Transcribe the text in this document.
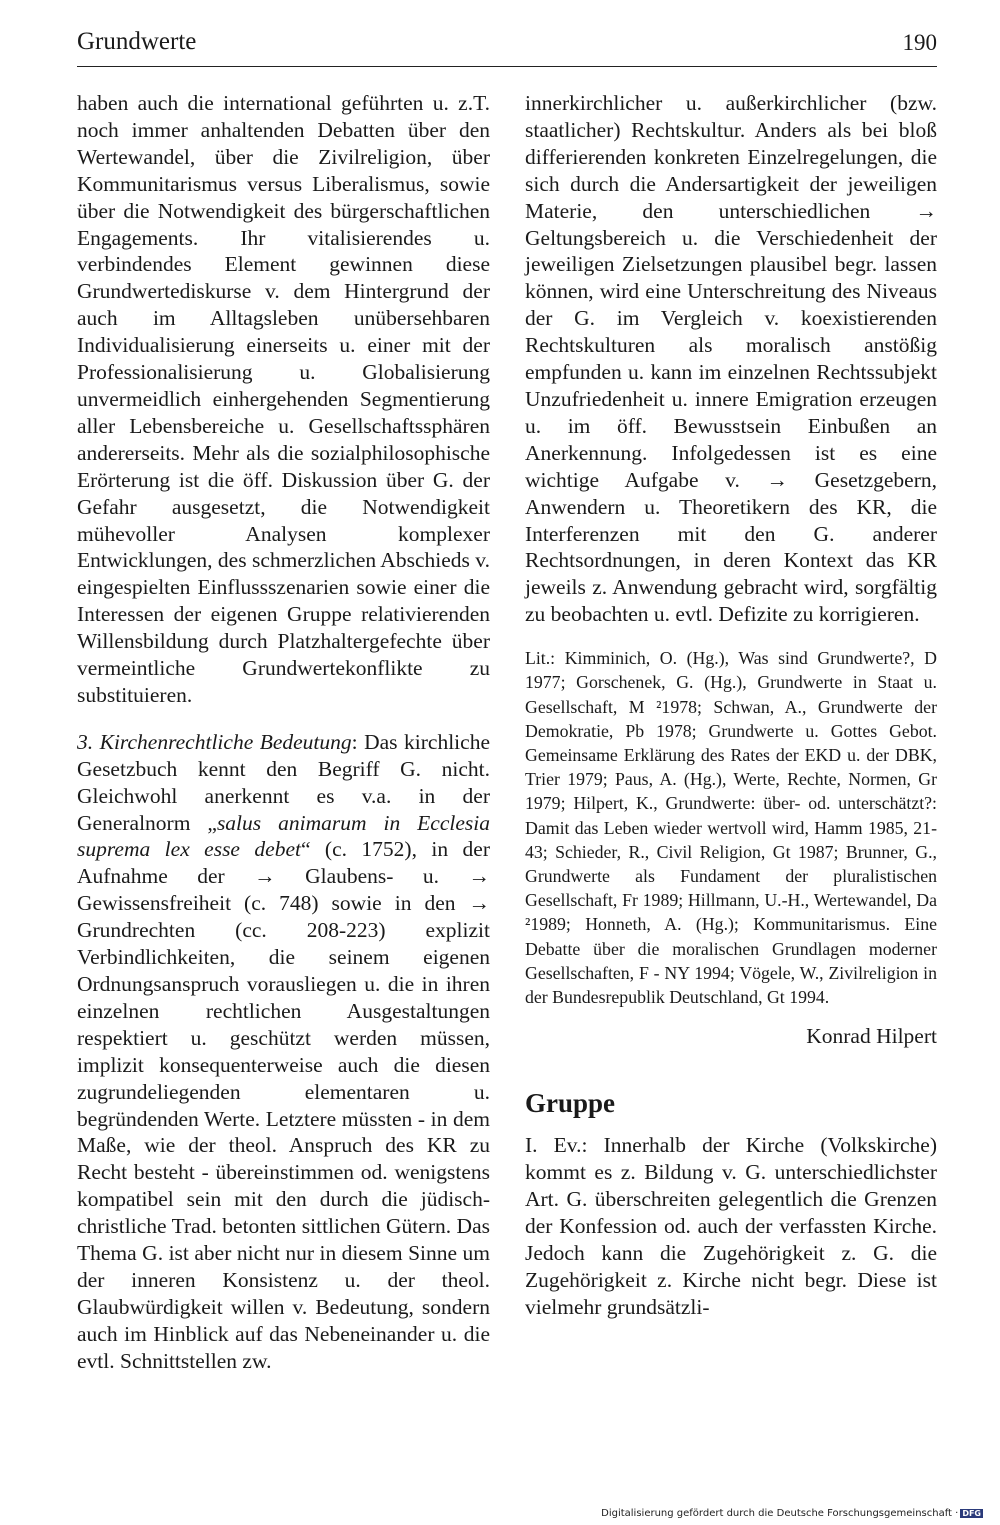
Grundwerte	190

haben auch die international geführten u. z.T. noch immer anhaltenden Debatten über den Wertewandel, über die Zivilreligion, über Kommunitarismus versus Liberalismus, sowie über die Notwendigkeit des bürgerschaftlichen Engagements. Ihr vitalisierendes u. verbindendes Element gewinnen diese Grundwertediskurse v. dem Hintergrund der auch im Alltagsleben unübersehbaren Individualisierung einerseits u. einer mit der Professionalisierung u. Globalisierung unvermeidlich einhergehenden Segmentierung aller Lebensbereiche u. Gesellschaftssphären andererseits. Mehr als die sozialphilosophische Erörterung ist die öff. Diskussion über G. der Gefahr ausgesetzt, die Notwendigkeit mühevoller Analysen komplexer Entwicklungen, des schmerzlichen Abschieds v. eingespielten Einflussszenarien sowie einer die Interessen der eigenen Gruppe relativierenden Willensbildung durch Platzhaltergefechte über vermeintliche Grundwertekonflikte zu substituieren.

3. Kirchenrechtliche Bedeutung: Das kirchliche Gesetzbuch kennt den Begriff G. nicht. Gleichwohl anerkennt es v.a. in der Generalnorm „salus animarum in Ecclesia suprema lex esse debet“ (c. 1752), in der Aufnahme der → Glaubens- u. → Gewissensfreiheit (c. 748) sowie in den → Grundrechten (cc. 208-223) explizit Verbindlichkeiten, die seinem eigenen Ordnungsanspruch vorausliegen u. die in ihren einzelnen rechtlichen Ausgestaltungen respektiert u. geschützt werden müssen, implizit konsequenterweise auch die diesen zugrundeliegenden elementaren u. begründenden Werte. Letztere müssten - in dem Maße, wie der theol. Anspruch des KR zu Recht besteht - übereinstimmen od. wenigstens kompatibel sein mit den durch die jüdisch-christliche Trad. betonten sittlichen Gütern. Das Thema G. ist aber nicht nur in diesem Sinne um der inneren Konsistenz u. der theol. Glaubwürdigkeit willen v. Bedeutung, sondern auch im Hinblick auf das Nebeneinander u. die evtl. Schnittstellen zw.

innerkirchlicher u. außerkirchlicher (bzw. staatlicher) Rechtskultur. Anders als bei bloß differierenden konkreten Einzelregelungen, die sich durch die Andersartigkeit der jeweiligen Materie, den unterschiedlichen → Geltungsbereich u. die Verschiedenheit der jeweiligen Zielsetzungen plausibel begr. lassen können, wird eine Unterschreitung des Niveaus der G. im Vergleich v. koexistierenden Rechtskulturen als moralisch anstößig empfunden u. kann im einzelnen Rechtssubjekt Unzufriedenheit u. innere Emigration erzeugen u. im öff. Bewusstsein Einbußen an Anerkennung. Infolgedessen ist es eine wichtige Aufgabe v. → Gesetzgebern, Anwendern u. Theoretikern des KR, die Interferenzen mit den G. anderer Rechtsordnungen, in deren Kontext das KR jeweils z. Anwendung gebracht wird, sorgfältig zu beobachten u. evtl. Defizite zu korrigieren.

Lit.: Kimminich, O. (Hg.), Was sind Grundwerte?, D 1977; Gorschenek, G. (Hg.), Grundwerte in Staat u. Gesellschaft, M ²1978; Schwan, A., Grundwerte der Demokratie, Pb 1978; Grundwerte u. Gottes Gebot. Gemeinsame Erklärung des Rates der EKD u. der DBK, Trier 1979; Paus, A. (Hg.), Werte, Rechte, Normen, Gr 1979; Hilpert, K., Grundwerte: über- od. unterschätzt?: Damit das Leben wieder wertvoll wird, Hamm 1985, 21-43; Schieder, R., Civil Religion, Gt 1987; Brunner, G., Grundwerte als Fundament der pluralistischen Gesellschaft, Fr 1989; Hillmann, U.-H., Wertewandel, Da ²1989; Honneth, A. (Hg.); Kommunitarismus. Eine Debatte über die moralischen Grundlagen moderner Gesellschaften, F - NY 1994; Vögele, W., Zivilreligion in der Bundesrepublik Deutschland, Gt 1994.

Konrad Hilpert

Gruppe

I. Ev.: Innerhalb der Kirche (Volkskirche) kommt es z. Bildung v. G. unterschiedlichster Art. G. überschreiten gelegentlich die Grenzen der Konfession od. auch der verfassten Kirche. Jedoch kann die Zugehörigkeit z. G. die Zugehörigkeit z. Kirche nicht begr. Diese ist vielmehr grundsätzli-

Digitalisierung gefördert durch die Deutsche Forschungsgemeinschaft · DFG
